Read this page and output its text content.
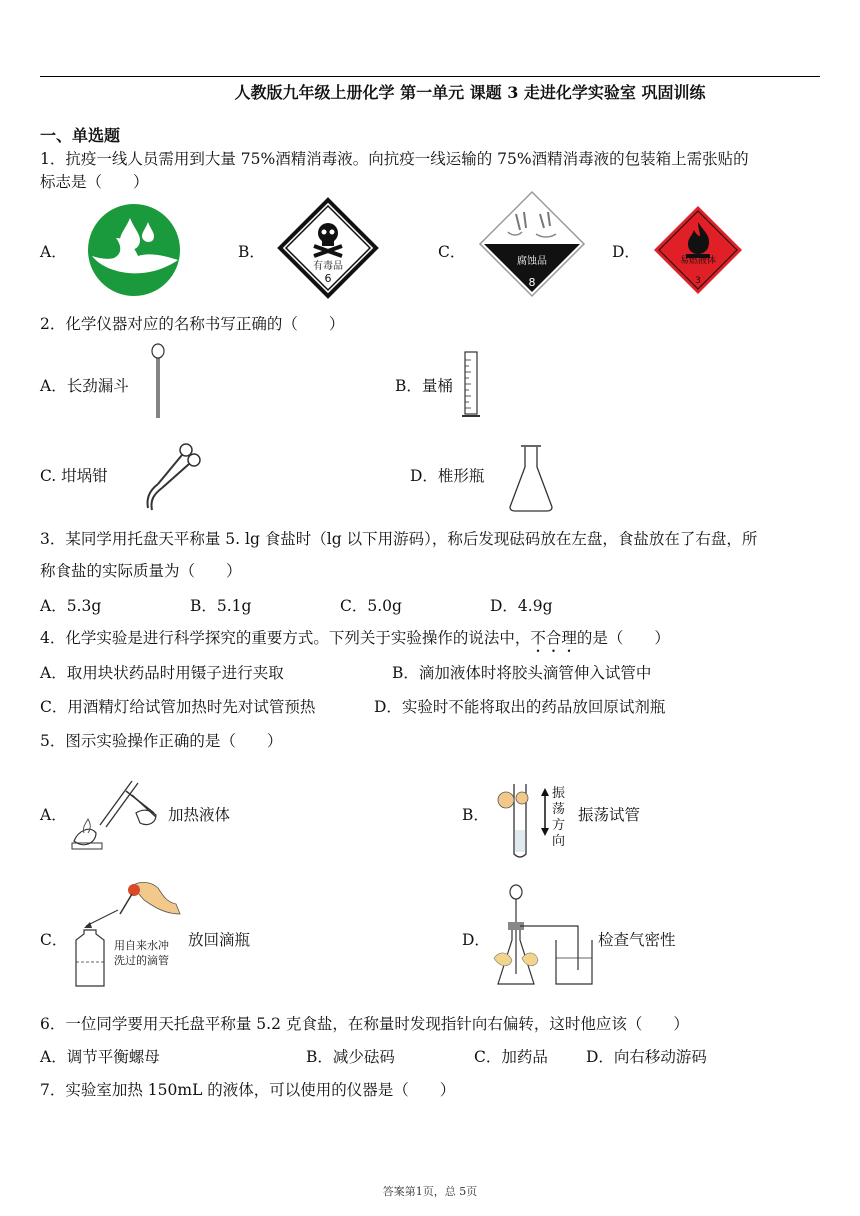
人教版九年级上册化学 第一单元 课题 3 走进化学实验室 巩固训练
一、单选题
1．抗疫一线人员需用到大量 75%酒精消毒液。向抗疫一线运输的 75%酒精消毒液的包装箱上需张贴的
标志是（　　）
A．	B．
有毒品
6
C．
腐蚀品
8
D．	易燃液体
3
2．化学仪器对应的名称书写正确的（　　）
A．长劲漏斗	B．量桶
C. 坩埚钳	D．椎形瓶
3．某同学用托盘天平称量 5. lg 食盐时（lg 以下用游码），称后发现砝码放在左盘，食盐放在了右盘，所
称食盐的实际质量为（　　）
A．5.3g	B．5.1g	C．5.0g	D．4.9g
4．化学实验是进行科学探究的重要方式。下列关于实验操作的说法中，不合理的是（　　）
A．取用块状药品时用镊子进行夹取	B．滴加液体时将胶头滴管伸入试管中
C．用酒精灯给试管加热时先对试管预热	D．实验时不能将取出的药品放回原试剂瓶
5．图示实验操作正确的是（　　）
A．	加热液体	B．
振
荡
方
向
振荡试管
C．	用自来水冲
洗过的滴管
放回滴瓶	D．	检查气密性
6．一位同学要用天托盘平称量 5.2 克食盐，在称量时发现指针向右偏转，这时他应该（　　）
A．调节平衡螺母	B．减少砝码	C．加药品 D．向右移动游码
7．实验室加热 150mL 的液体，可以使用的仪器是（　　）
答案第1页，总 5页
